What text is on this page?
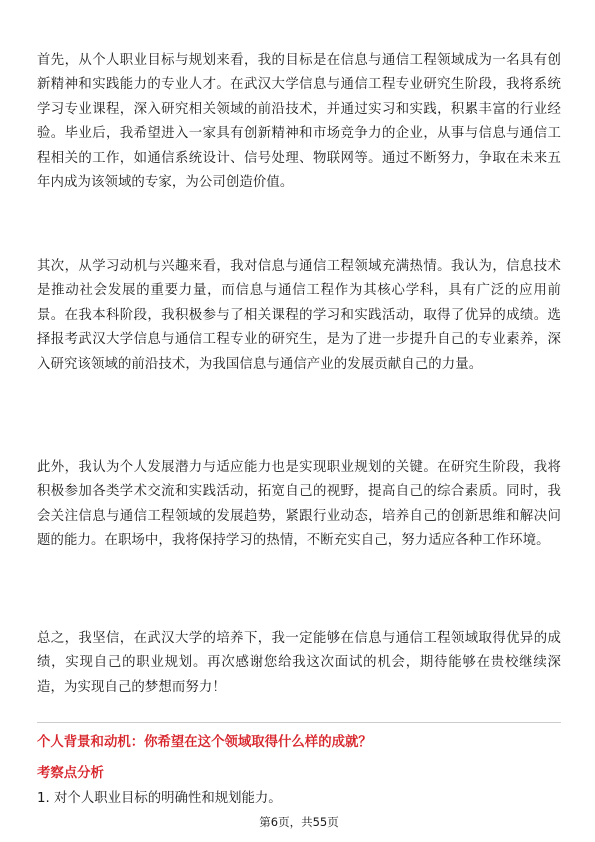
首先，从个人职业目标与规划来看，我的目标是在信息与通信工程领域成为一名具有创新精神和实践能力的专业人才。在武汉大学信息与通信工程专业研究生阶段，我将系统学习专业课程，深入研究相关领域的前沿技术，并通过实习和实践，积累丰富的行业经验。毕业后，我希望进入一家具有创新精神和市场竞争力的企业，从事与信息与通信工程相关的工作，如通信系统设计、信号处理、物联网等。通过不断努力，争取在未来五年内成为该领域的专家，为公司创造价值。

其次，从学习动机与兴趣来看，我对信息与通信工程领域充满热情。我认为，信息技术是推动社会发展的重要力量，而信息与通信工程作为其核心学科，具有广泛的应用前景。在我本科阶段，我积极参与了相关课程的学习和实践活动，取得了优异的成绩。选择报考武汉大学信息与通信工程专业的研究生，是为了进一步提升自己的专业素养，深入研究该领域的前沿技术，为我国信息与通信产业的发展贡献自己的力量。

此外，我认为个人发展潜力与适应能力也是实现职业规划的关键。在研究生阶段，我将积极参加各类学术交流和实践活动，拓宽自己的视野，提高自己的综合素质。同时，我会关注信息与通信工程领域的发展趋势，紧跟行业动态，培养自己的创新思维和解决问题的能力。在职场中，我将保持学习的热情，不断充实自己，努力适应各种工作环境。

总之，我坚信，在武汉大学的培养下，我一定能够在信息与通信工程领域取得优异的成绩，实现自己的职业规划。再次感谢您给我这次面试的机会，期待能够在贵校继续深造，为实现自己的梦想而努力！

个人背景和动机：你希望在这个领域取得什么样的成就？
考察点分析
1. 对个人职业目标的明确性和规划能力。
第6页，共55页
